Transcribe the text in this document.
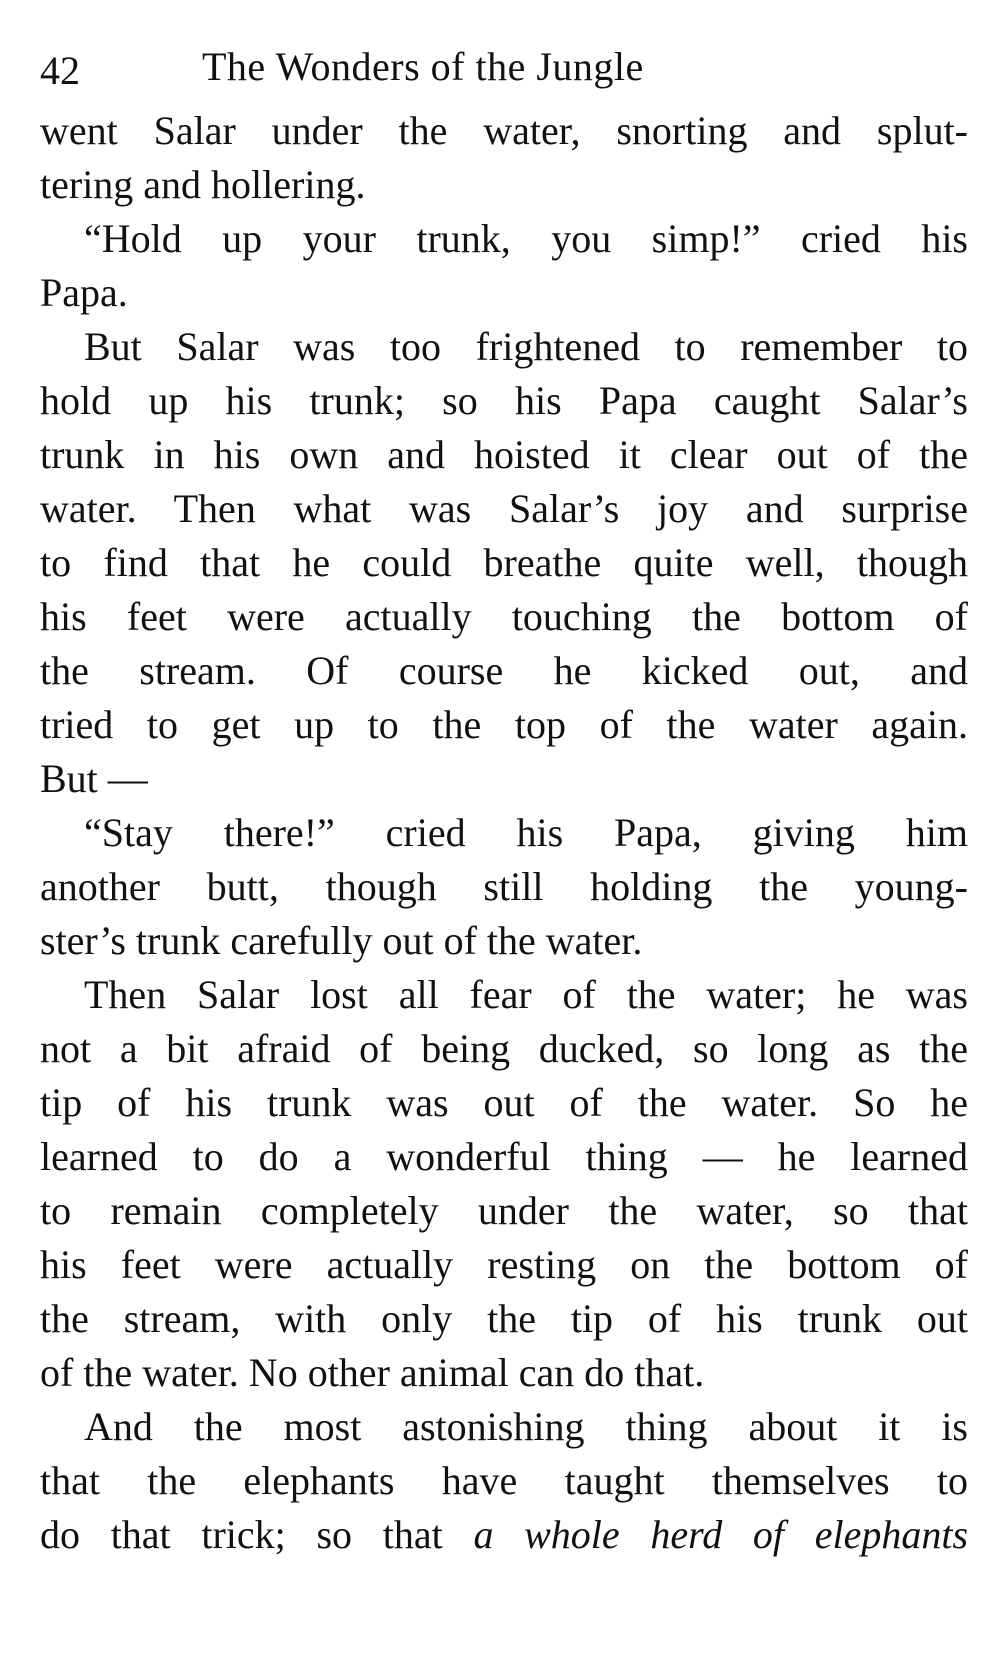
42	The Wonders of the Jungle
went Salar under the water, snorting and splut-
tering and hollering.
“Hold up your trunk, you simp!” cried his
Papa.
But Salar was too frightened to remember to
hold up his trunk; so his Papa caught Salar’s
trunk in his own and hoisted it clear out of the
water. Then what was Salar’s joy and surprise
to find that he could breathe quite well, though
his feet were actually touching the bottom of
the stream. Of course he kicked out, and
tried to get up to the top of the water again.
But —
“Stay there!” cried his Papa, giving him
another butt, though still holding the young-
ster’s trunk carefully out of the water.
Then Salar lost all fear of the water; he was
not a bit afraid of being ducked, so long as the
tip of his trunk was out of the water. So he
learned to do a wonderful thing — he learned
to remain completely under the water, so that
his feet were actually resting on the bottom of
the stream, with only the tip of his trunk out
of the water. No other animal can do that.
And the most astonishing thing about it is
that the elephants have taught themselves to
do that trick; so that a whole herd of elephants
